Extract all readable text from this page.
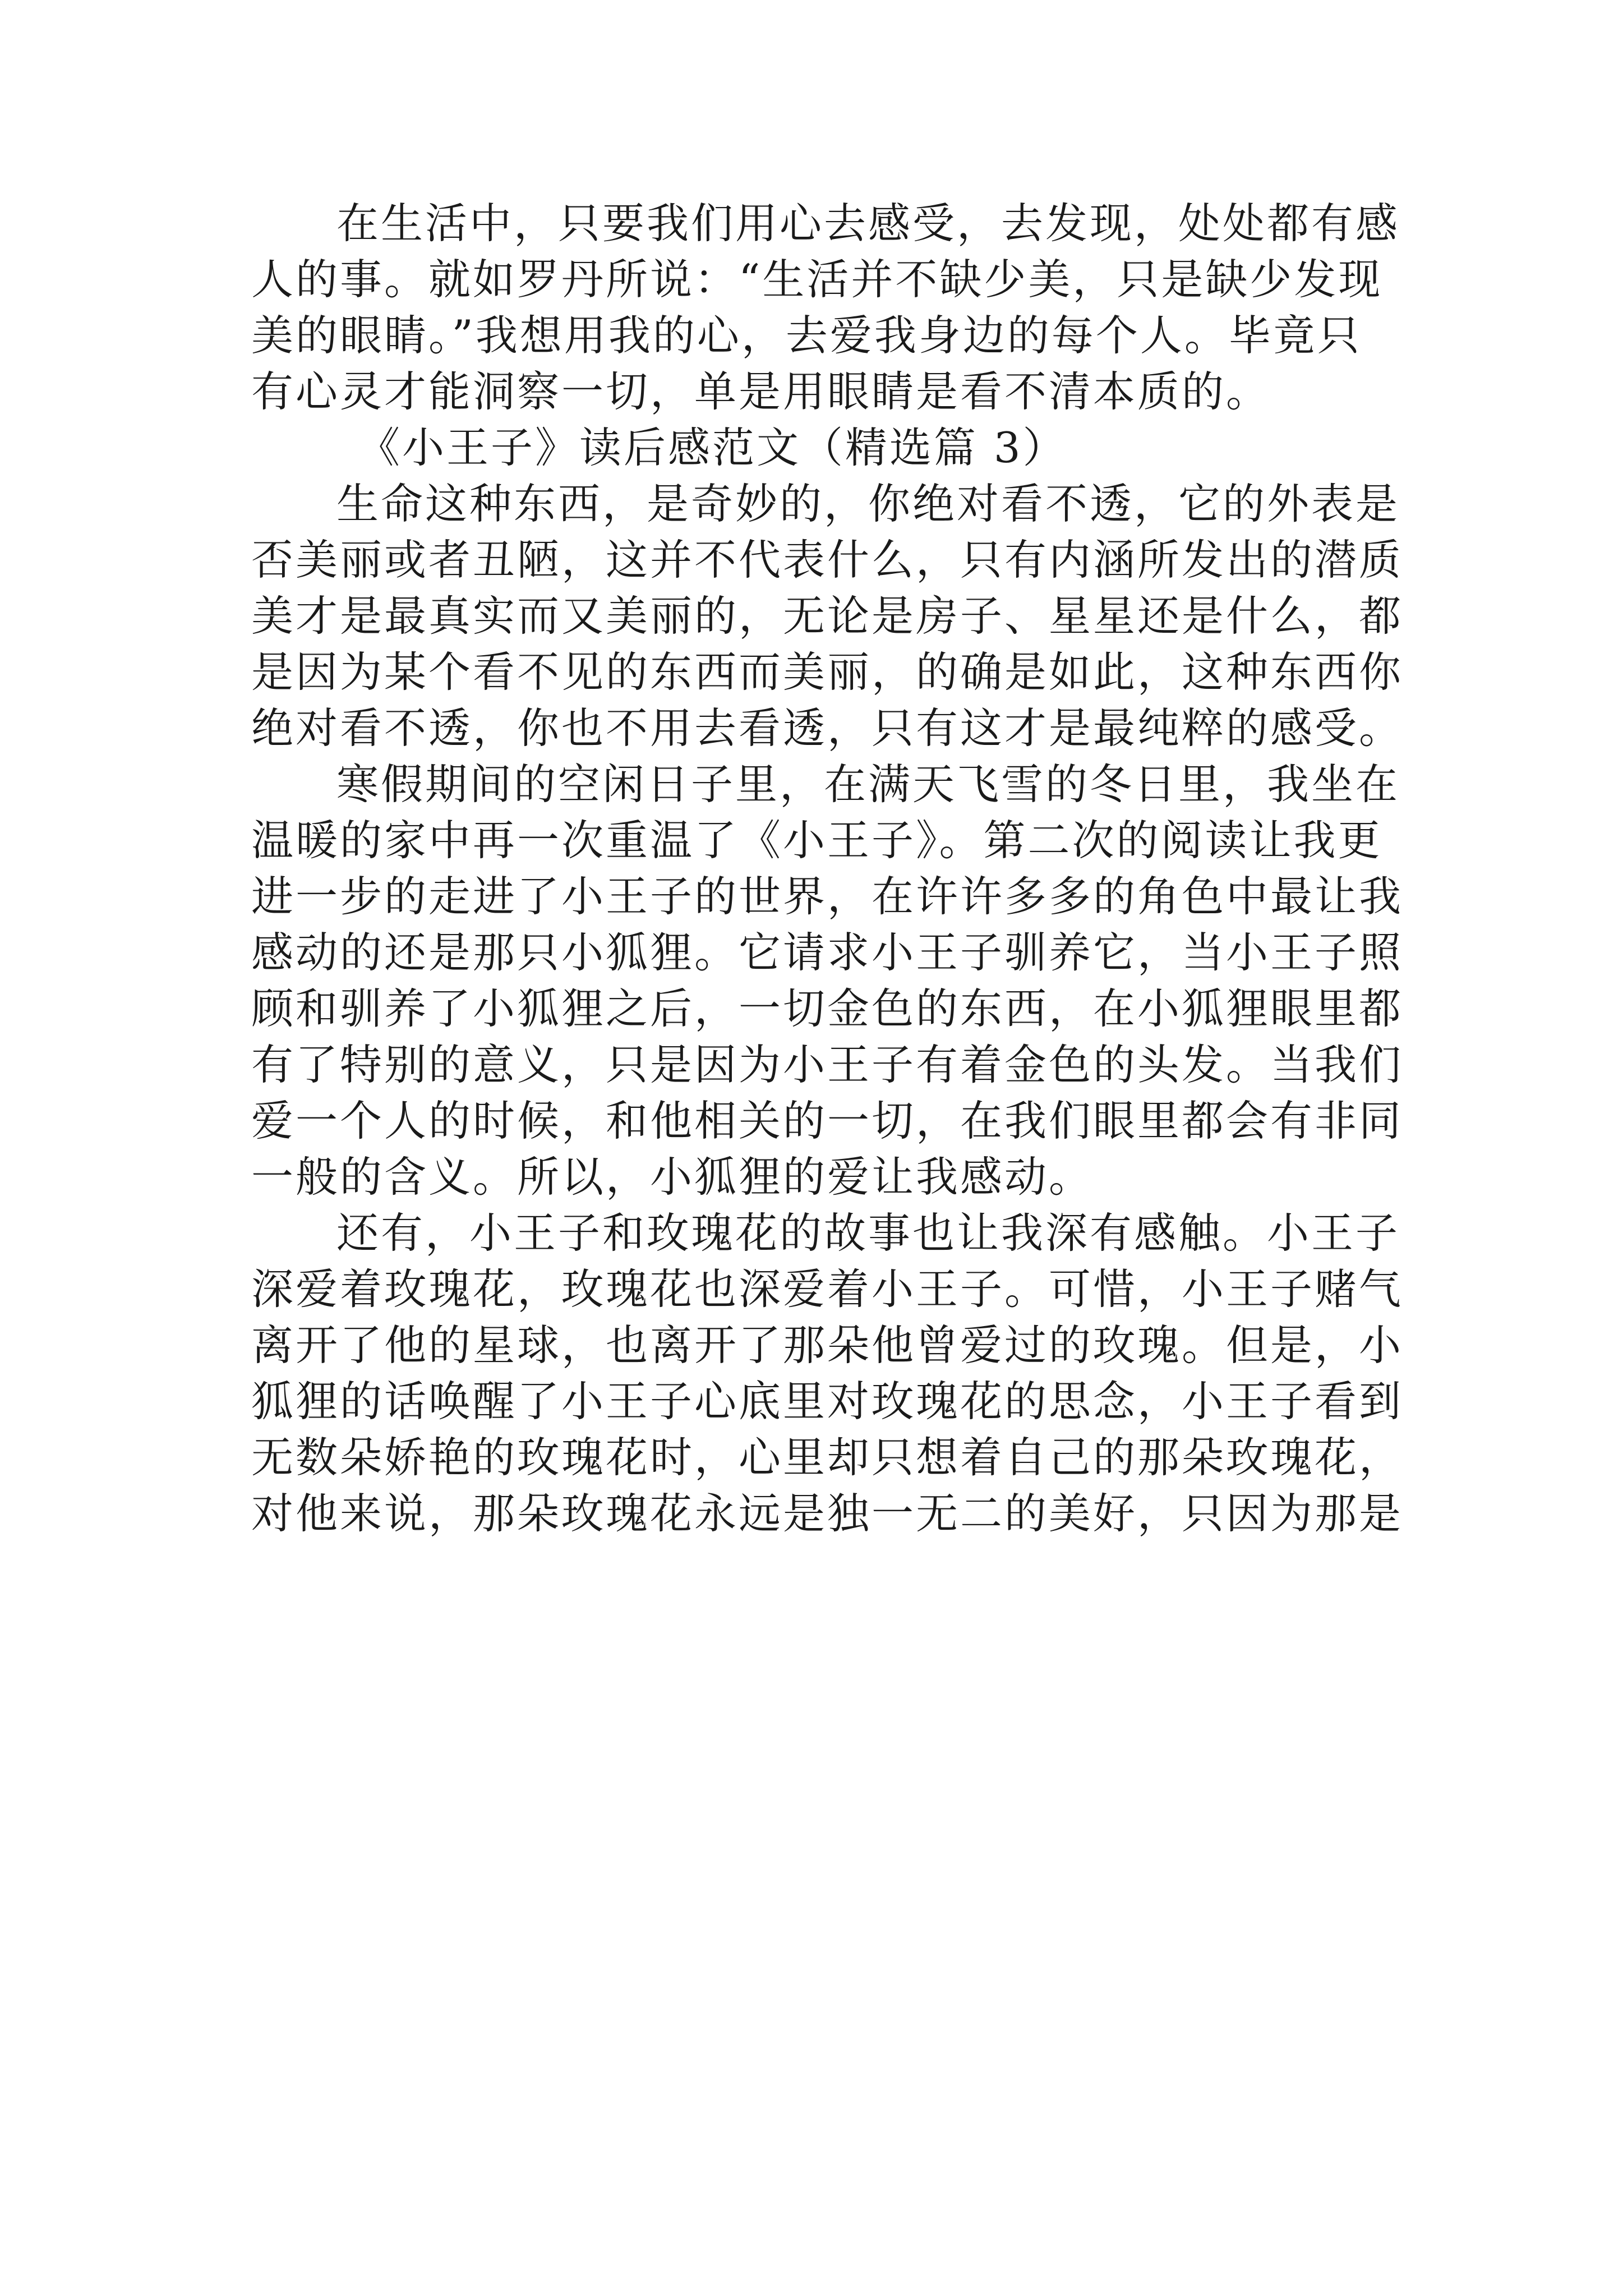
在生活中，只要我们用心去感受，去发现，处处都有感
人的事。就如罗丹所说：“生活并不缺少美，只是缺少发现
美的眼睛。”我想用我的心，去爱我身边的每个人。毕竟只
有心灵才能洞察一切，单是用眼睛是看不清本质的。
《小王子》读后感范文（精选篇 3）
生命这种东西，是奇妙的，你绝对看不透，它的外表是
否美丽或者丑陋，这并不代表什么，只有内涵所发出的潜质
美才是最真实而又美丽的，无论是房子、星星还是什么，都
是因为某个看不见的东西而美丽，的确是如此，这种东西你
绝对看不透，你也不用去看透，只有这才是最纯粹的感受。
寒假期间的空闲日子里，在满天飞雪的冬日里，我坐在
温暖的家中再一次重温了《小王子》。第二次的阅读让我更
进一步的走进了小王子的世界，在许许多多的角色中最让我
感动的还是那只小狐狸。它请求小王子驯养它，当小王子照
顾和驯养了小狐狸之后，一切金色的东西，在小狐狸眼里都
有了特别的意义，只是因为小王子有着金色的头发。当我们
爱一个人的时候，和他相关的一切，在我们眼里都会有非同
一般的含义。所以，小狐狸的爱让我感动。
还有，小王子和玫瑰花的故事也让我深有感触。小王子
深爱着玫瑰花，玫瑰花也深爱着小王子。可惜，小王子赌气
离开了他的星球，也离开了那朵他曾爱过的玫瑰。但是，小
狐狸的话唤醒了小王子心底里对玫瑰花的思念，小王子看到
无数朵娇艳的玫瑰花时，心里却只想着自己的那朵玫瑰花，
对他来说，那朵玫瑰花永远是独一无二的美好，只因为那是
